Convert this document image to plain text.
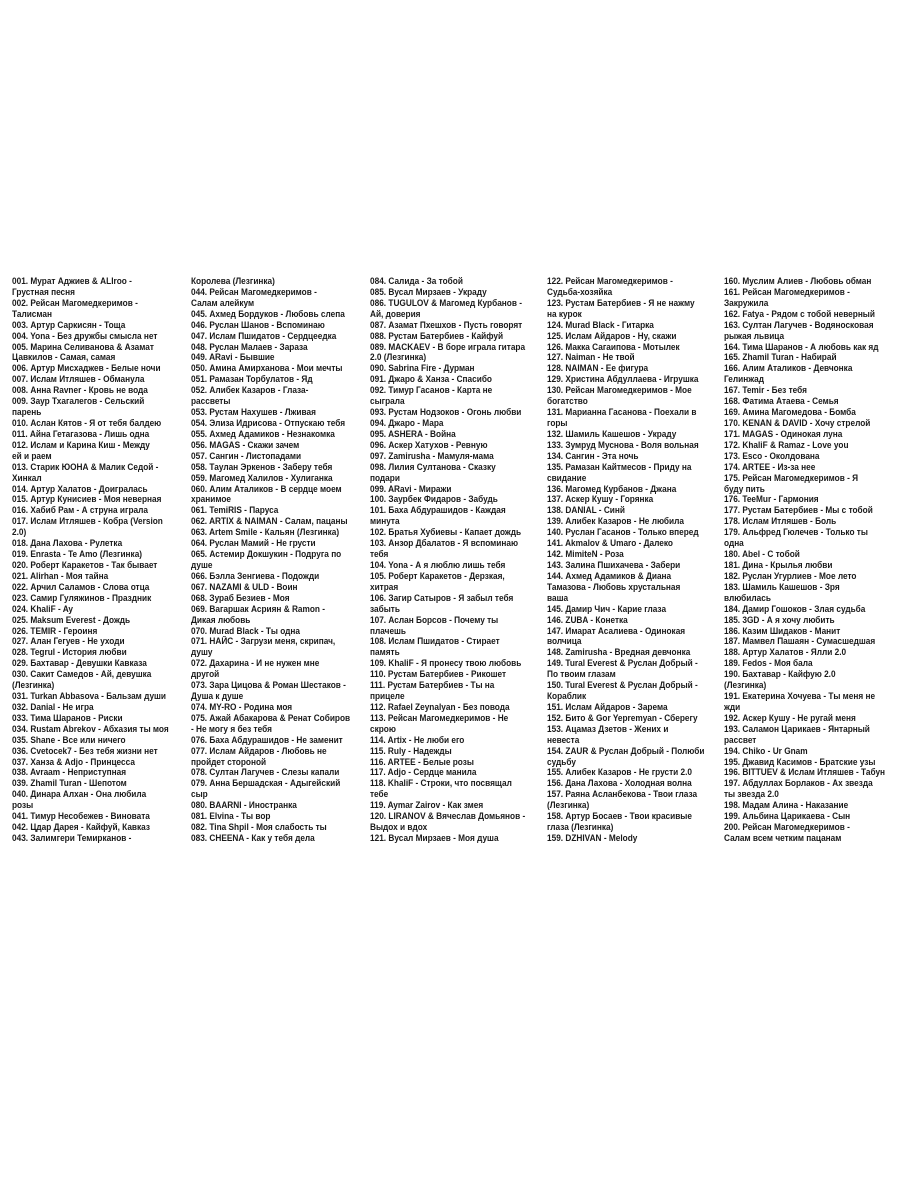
001. Мурат Аджиев & ALIroo -
Грустная песня
002. Рейсан Магомедкеримов -
Талисман
003. Артур Саркисян - Тоща
004. Yona - Без дружбы смысла нет
005. Марина Селиванова & Азамат
Цавкилов - Самая, самая
006. Артур Мисхаджев - Белые ночи
007. Ислам Итляшев - Обманула
008. Анна Ravner - Кровь не вода
009. Заур Тхагалегов - Сельский
парень
010. Аслан Кятов - Я от тебя балдею
011. Айна Гетагазова - Лишь одна
012. Ислам и Карина Киш - Между
ей и раем
013. Старик ЮОНА & Малик Седой -
Хинкал
014. Артур Халатов - Доигралась
015. Артур Кунисиев - Моя неверная
016. Хабиб Рам - А струна играла
017. Ислам Итляшев - Кобра (Version
2.0)
018. Дана Лахова - Рулетка
019. Enrasta - Te Amo (Лезгинка)
020. Роберт Каракетов - Так бывает
021. Alirhan - Моя тайна
022. Арчил Саламов - Слова отца
023. Самир Гуляжинов - Праздник
024. KhaliF - Ay
025. Maksum Everest - Дождь
026. TEMIR - Героиня
027. Алан Гегуев - Не уходи
028. Tegrul - История любви
029. Бахтавар - Девушки Кавказа
030. Сакит Самедов - Ай, девушка
(Лезгинка)
031. Turkan Abbasova - Бальзам души
032. Danial - Не игра
033. Тима Шаранов - Риски
034. Rustam Abrekov - Абхазия ты моя
035. Shane - Все или ничего
036. Cvetocek7 - Без тебя жизни нет
037. Ханза & Adjo - Принцесса
038. Avraam - Неприступная
039. Zhamil Turan - Шепотом
040. Динара Алхан - Она любила
розы
041. Тимур Несобежев - Виновата
042. Цдар Дарея - Кайфуй, Кавказ
043. Залимгери Темирканов -
Королева (Лезгинка)
044. Рейсан Магомедкеримов -
Салам алейкум
045. Ахмед Бордуков - Любовь слепа
046. Руслан Шанов - Вспоминаю
047. Ислам Пшидатов - Сердцеедка
048. Руслан Малаев - Зараза
049. ARavi - Бывшие
050. Амина Амирханова - Мои мечты
051. Рамазан Торбулатов - Яд
052. Алибек Казаров - Глаза-
рассветы
053. Рустам Нахушев - Лживая
054. Элиза Идрисова - Отпускаю тебя
055. Ахмед Адамиков - Незнакомка
056. MAGAS - Скажи зачем
057. Сангин - Листопадами
058. Таулан Эркенов - Заберу тебя
059. Магомед Халилов - Хулиганка
060. Алим Аталиков - В сердце моем
хранимое
061. TemiRIS - Паруса
062. ARTIX & NAIMAN - Салам, пацаны
063. Artem Smile - Кальян (Лезгинка)
064. Руслан Мамий - Не грусти
065. Астемир Докшукин - Подруга по
душе
066. Бэлла Зенгиева - Подожди
067. NAZAMI & ULD - Воин
068. Зураб Безиев - Моя
069. Вагаршак Асриян & Ramon -
Дикая любовь
070. Murad Black - Ты одна
071. НАЙС - Загрузи меня, скрипач,
душу
072. Дахарина - И не нужен мне
другой
073. Зара Цицова & Роман Шестаков -
Душа к душе
074. MY-RO - Родина моя
075. Ажай Абакарова & Ренат Собиров
- Не могу я без тебя
076. Баха Абдурашидов - Не заменит
077. Ислам Айдаров - Любовь не
пройдет стороной
078. Султан Лагучев - Слезы капали
079. Анна Бершадская - Адыгейский
сыр
080. BAARNI - Иностранка
081. Elvina - Ты вор
082. Tina Shpil - Моя слабость ты
083. CHEENA - Как у тебя дела
084. Салида - За тобой
085. Вусал Мирзаев - Украду
086. TUGULOV & Магомед Курбанов -
Ай, доверия
087. Азамат Пхешхов - Пусть говорят
088. Рустам Батербиев - Кайфуй
089. MACKAEV - В боре играла гитара
2.0 (Лезгинка)
090. Sabrina Fire - Дурман
091. Джаро & Ханза - Спасибо
092. Тимур Гасанов - Карта не
сыграла
093. Рустам Нодзоков - Огонь любви
094. Джаро - Мара
095. ASHERA - Война
096. Аскер Хатухов - Ревную
097. Zamirusha - Мамуля-мама
098. Лилия Султанова - Сказку
подари
099. ARavi - Миражи
100. Заурбек Фидаров - Забудь
101. Баха Абдурашидов - Каждая
минута
102. Братья Хубиевы - Капает дождь
103. Анзор Дбалатов - Я вспоминаю
тебя
104. Yona - А я люблю лишь тебя
105. Роберт Каракетов - Дерзкая,
хитрая
106. Загир Сатыров - Я забыл тебя
забыть
107. Аслан Борсов - Почему ты
плачешь
108. Ислам Пшидатов - Стирает
память
109. KhaliF - Я пронесу твою любовь
110. Рустам Батербиев - Рикошет
111. Рустам Батербиев - Ты на
прицеле
112. Rafael Zeynalyan - Без повода
113. Рейсан Магомедкеримов - Не
скрою
114. Artix - Не люби его
115. Ruly - Надежды
116. ARTEE - Белые розы
117. Adjo - Сердце манила
118. KhaliF - Строки, что посвящал
тебе
119. Aymar Zairov - Как змея
120. LIRANOV & Вячеслав Домьянов -
Выдох и вдох
121. Вусал Мирзаев - Моя душа
122. Рейсан Магомедкеримов -
Судьба-хозяйка
123. Рустам Батербиев - Я не нажму
на курок
124. Murad Black - Гитарка
125. Ислам Айдаров - Ну, скажи
126. Макка Сагаипова - Мотылек
127. Naiman - Не твой
128. NAIMAN - Ее фигура
129. Христина Абдуллаева - Игрушка
130. Рейсан Магомедкеримов - Мое
богатство
131. Марианна Гасанова - Поехали в
горы
132. Шамиль Кашешов - Украду
133. Зумруд Муснова - Воля вольная
134. Сангин - Эта ночь
135. Рамазан Кайтмесов - Приду на
свидание
136. Магомед Курбанов - Джана
137. Аскер Кушу - Горянка
138. DANIAL - Синй
139. Алибек Казаров - Не любила
140. Руслан Гасанов - Только вперед
141. Akmalov & Umaro - Далеко
142. MimiteN - Роза
143. Залина Пшихачева - Забери
144. Ахмед Адамиков & Диана
Тамазова - Любовь хрустальная
ваша
145. Дамир Чич - Карие глаза
146. ZUBA - Конетка
147. Имарат Асалиева - Одинокая
волчица
148. Zamirusha - Вредная девчонка
149. Tural Everest & Руслан Добрый -
По твоим глазам
150. Tural Everest & Руслан Добрый -
Кораблик
151. Ислам Айдаров - Зарема
152. Бито & Gor Yepremyan - Сберегу
153. Ацамаз Дзетов - Жених и
невеста
154. ZAUR & Руслан Добрый - Полюби
судьбу
155. Алибек Казаров - Не грусти 2.0
156. Дана Лахова - Холодная волна
157. Раяна Асланбекова - Твои глаза
(Лезгинка)
158. Артур Босаев - Твои красивые
глаза (Лезгинка)
159. DZHIVAN - Melody
160. Муслим Алиев - Любовь обман
161. Рейсан Магомедкеримов -
Закружила
162. Fatya - Рядом с тобой неверный
163. Султан Лагучев - Водяносковая
рыжая львица
164. Тима Шаранов - А любовь как яд
165. Zhamil Turan - Набирай
166. Алим Аталиков - Девчонка
Гелинжад
167. Temir - Без тебя
168. Фатима Атаева - Семья
169. Амина Магомедова - Бомба
170. KENAN & DAVID - Хочу стрелой
171. MAGAS - Одинокая луна
172. KhaliF & Ramaz - Love you
173. Esco - Околдована
174. ARTEE - Из-за нее
175. Рейсан Магомедкеримов - Я
буду пить
176. TeeMur - Гармония
177. Рустам Батербиев - Мы с тобой
178. Ислам Итляшев - Боль
179. Альфред Гюлечев - Только ты
одна
180. Abel - С тобой
181. Дина - Крылья любви
182. Руслан Угурлиев - Мое лето
183. Шамиль Кашешов - Зря
влюбилась
184. Дамир Гошоков - Злая судьба
185. 3GD - А я хочу любить
186. Казим Шидаков - Манит
187. Мамвел Пашаян - Сумасшедшая
188. Артур Халатов - Ялли 2.0
189. Fedos - Моя бала
190. Бахтавар - Кайфую 2.0
(Лезгинка)
191. Екатерина Хочуева - Ты меня не
жди
192. Аскер Кушу - Не ругай меня
193. Саламон Царикаев - Янтарный
рассвет
194. Chiko - Ur Gnam
195. Джавид Касимов - Братские узы
196. BITTUEV & Ислам Итляшев - Табун
197. Абдуллах Борлаков - Ах звезда
ты звезда 2.0
198. Мадам Алина - Наказание
199. Альбина Царикаева - Сын
200. Рейсан Магомедкеримов -
Салам всем четким пацанам
